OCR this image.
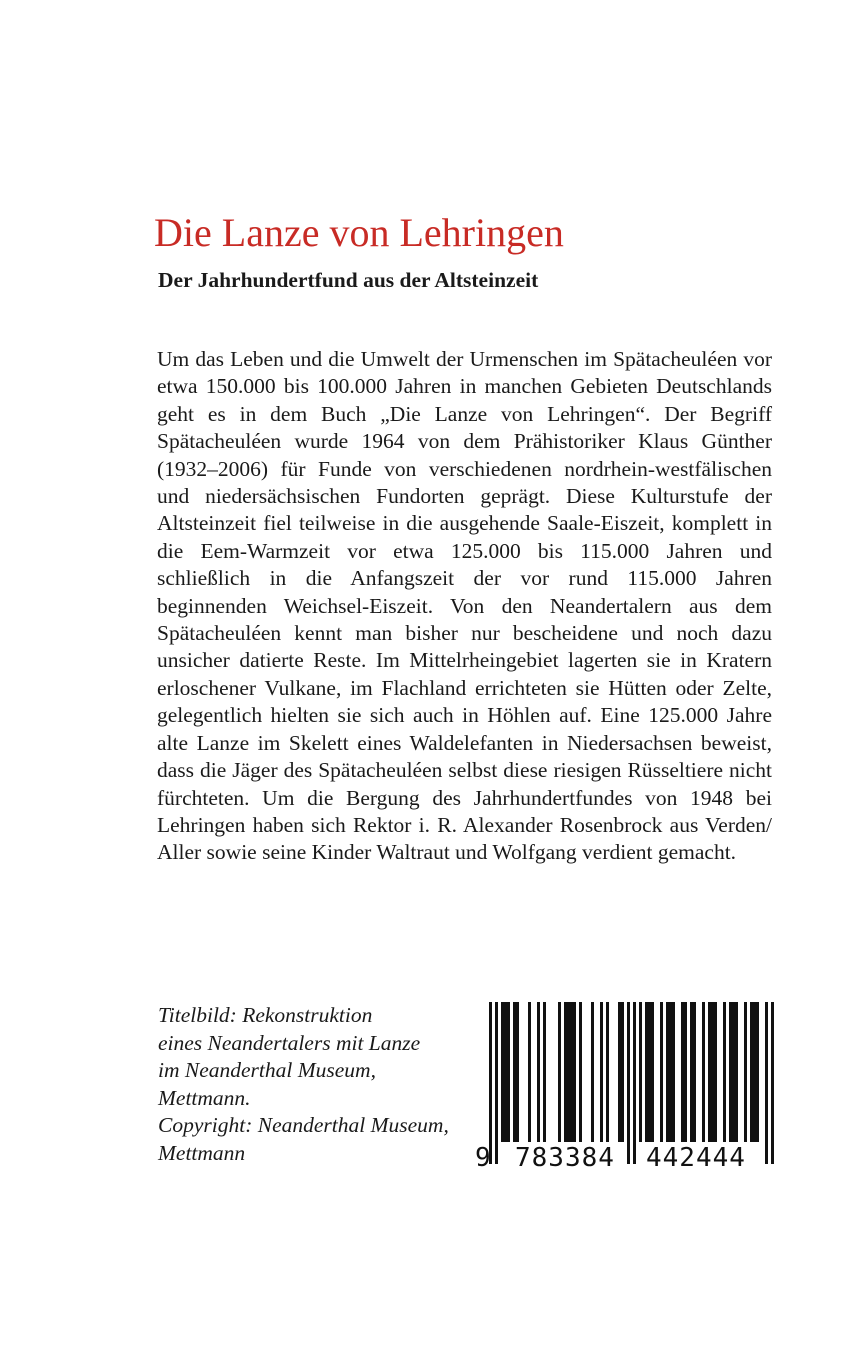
Die Lanze von Lehringen
Der Jahrhundertfund aus der Altsteinzeit

Um das Leben und die Umwelt der Urmenschen im Spätacheuléen vor etwa 150.000 bis 100.000 Jahren in manchen Gebieten Deutschlands geht es in dem Buch „Die Lanze von Lehringen“. Der Begriff Spätacheuléen wurde 1964 von dem Prähistoriker Klaus Günther (1932–2006) für Funde von verschiedenen nordrhein-westfälischen und niedersächsischen Fundorten geprägt. Diese Kulturstufe der Altsteinzeit fiel teilweise in die ausgehende Saale-Eiszeit, komplett in die Eem-Warmzeit vor etwa 125.000 bis 115.000 Jahren und schließlich in die Anfangszeit der vor rund 115.000 Jahren beginnenden Weichsel-Eiszeit. Von den Neandertalern aus dem Spätacheuléen kennt man bisher nur bescheidene und noch dazu unsicher datierte Reste. Im Mittelrheingebiet lagerten sie in Kratern erloschener Vulkane, im Flachland errichteten sie Hütten oder Zelte, gelegentlich hielten sie sich auch in Höhlen auf. Eine 125.000 Jahre alte Lanze im Skelett eines Waldelefanten in Niedersachsen beweist, dass die Jäger des Spätacheuléen selbst diese riesigen Rüsseltiere nicht fürchteten. Um die Bergung des Jahrhundertfundes von 1948 bei Lehringen haben sich Rektor i. R. Alexander Rosenbrock aus Verden/ Aller sowie seine Kinder Waltraut und Wolfgang verdient gemacht.

Titelbild: Rekonstruktion
eines Neandertalers mit Lanze
im Neanderthal Museum,
Mettmann.
Copyright: Neanderthal Museum,
Mettmann	9 783384 442444
